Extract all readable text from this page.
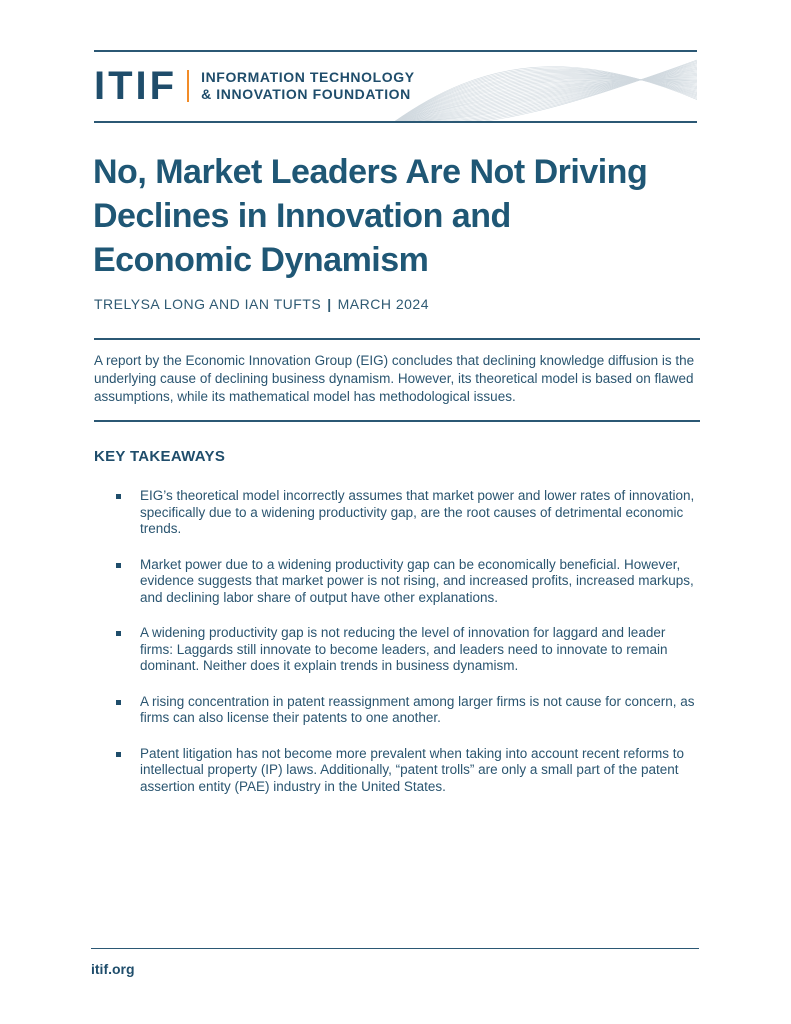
ITIF INFORMATION TECHNOLOGY
& INNOVATION FOUNDATION
No, Market Leaders Are Not Driving Declines in Innovation and Economic Dynamism
TRELYSA LONG AND IAN TUFTS | MARCH 2024

A report by the Economic Innovation Group (EIG) concludes that declining knowledge diffusion is the underlying cause of declining business dynamism. However, its theoretical model is based on flawed assumptions, while its mathematical model has methodological issues.

KEY TAKEAWAYS
EIG’s theoretical model incorrectly assumes that market power and lower rates of innovation, specifically due to a widening productivity gap, are the root causes of detrimental economic trends.
Market power due to a widening productivity gap can be economically beneficial. However, evidence suggests that market power is not rising, and increased profits, increased markups, and declining labor share of output have other explanations.
A widening productivity gap is not reducing the level of innovation for laggard and leader firms: Laggards still innovate to become leaders, and leaders need to innovate to remain dominant. Neither does it explain trends in business dynamism.
A rising concentration in patent reassignment among larger firms is not cause for concern, as firms can also license their patents to one another.
Patent litigation has not become more prevalent when taking into account recent reforms to intellectual property (IP) laws. Additionally, “patent trolls” are only a small part of the patent assertion entity (PAE) industry in the United States.
itif.org
